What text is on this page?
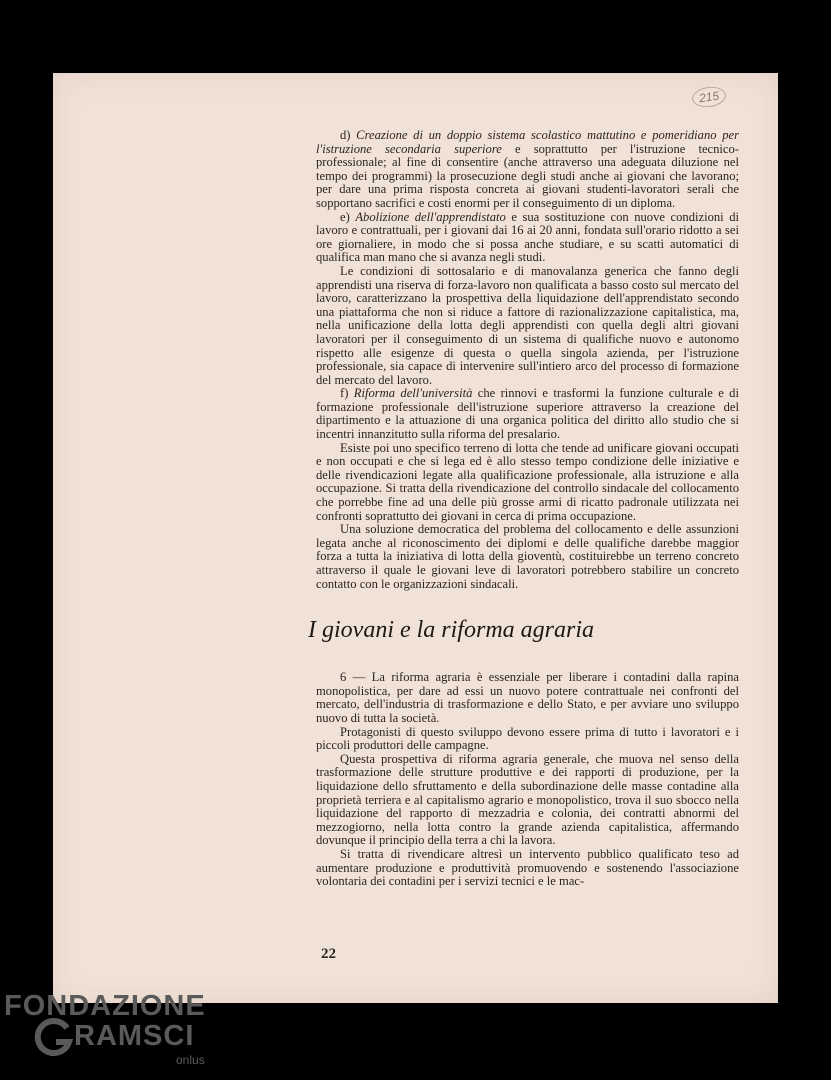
215

d) Creazione di un doppio sistema scolastico mattutino e pomeridiano per l'istruzione secondaria superiore e soprattutto per l'istruzione tecnico-professionale; al fine di consentire (anche attraverso una adeguata diluzione nel tempo dei programmi) la prosecuzione degli studi anche ai giovani che lavorano; per dare una prima risposta concreta ai giovani studenti-lavoratori serali che sopportano sacrifici e costi enormi per il conseguimento di un diploma.

e) Abolizione dell'apprendistato e sua sostituzione con nuove condizioni di lavoro e contrattuali, per i giovani dai 16 ai 20 anni, fondata sull'orario ridotto a sei ore giornaliere, in modo che si possa anche studiare, e su scatti automatici di qualifica man mano che si avanza negli studi.

Le condizioni di sottosalario e di manovalanza generica che fanno degli apprendisti una riserva di forza-lavoro non qualificata a basso costo sul mercato del lavoro, caratterizzano la prospettiva della liquidazione dell'apprendistato secondo una piattaforma che non si riduce a fattore di razionalizzazione capitalistica, ma, nella unificazione della lotta degli apprendisti con quella degli altri giovani lavoratori per il conseguimento di un sistema di qualifiche nuovo e autonomo rispetto alle esigenze di questa o quella singola azienda, per l'istruzione professionale, sia capace di intervenire sull'intiero arco del processo di formazione del mercato del lavoro.

f) Riforma dell'università che rinnovi e trasformi la funzione culturale e di formazione professionale dell'istruzione superiore attraverso la creazione del dipartimento e la attuazione di una organica politica del diritto allo studio che si incentri innanzitutto sulla riforma del presalario.

Esiste poi uno specifico terreno di lotta che tende ad unificare giovani occupati e non occupati e che si lega ed è allo stesso tempo condizione delle iniziative e delle rivendicazioni legate alla qualificazione professionale, alla istruzione e alla occupazione. Si tratta della rivendicazione del controllo sindacale del collocamento che porrebbe fine ad una delle più grosse armi di ricatto padronale utilizzata nei confronti soprattutto dei giovani in cerca di prima occupazione.

Una soluzione democratica del problema del collocamento e delle assunzioni legata anche al riconoscimento dei diplomi e delle qualifiche darebbe maggior forza a tutta la iniziativa di lotta della gioventù, costituirebbe un terreno concreto attraverso il quale le giovani leve di lavoratori potrebbero stabilire un concreto contatto con le organizzazioni sindacali.

I giovani e la riforma agraria

6 — La riforma agraria è essenziale per liberare i contadini dalla rapina monopolistica, per dare ad essi un nuovo potere contrattuale nei confronti del mercato, dell'industria di trasformazione e dello Stato, e per avviare uno sviluppo nuovo di tutta la società.

Protagonisti di questo sviluppo devono essere prima di tutto i lavoratori e i piccoli produttori delle campagne.

Questa prospettiva di riforma agraria generale, che muova nel senso della trasformazione delle strutture produttive e dei rapporti di produzione, per la liquidazione dello sfruttamento e della subordinazione delle masse contadine alla proprietà terriera e al capitalismo agrario e monopolistico, trova il suo sbocco nella liquidazione del rapporto di mezzadria e colonia, dei contratti abnormi del mezzogiorno, nella lotta contro la grande azienda capitalistica, affermando dovunque il principio della terra a chi la lavora.

Si tratta di rivendicare altresì un intervento pubblico qualificato teso ad aumentare produzione e produttività promuovendo e sostenendo l'associazione volontaria dei contadini per i servizi tecnici e le mac-

22
FONDAZIONE
RAMSCI
onlus
